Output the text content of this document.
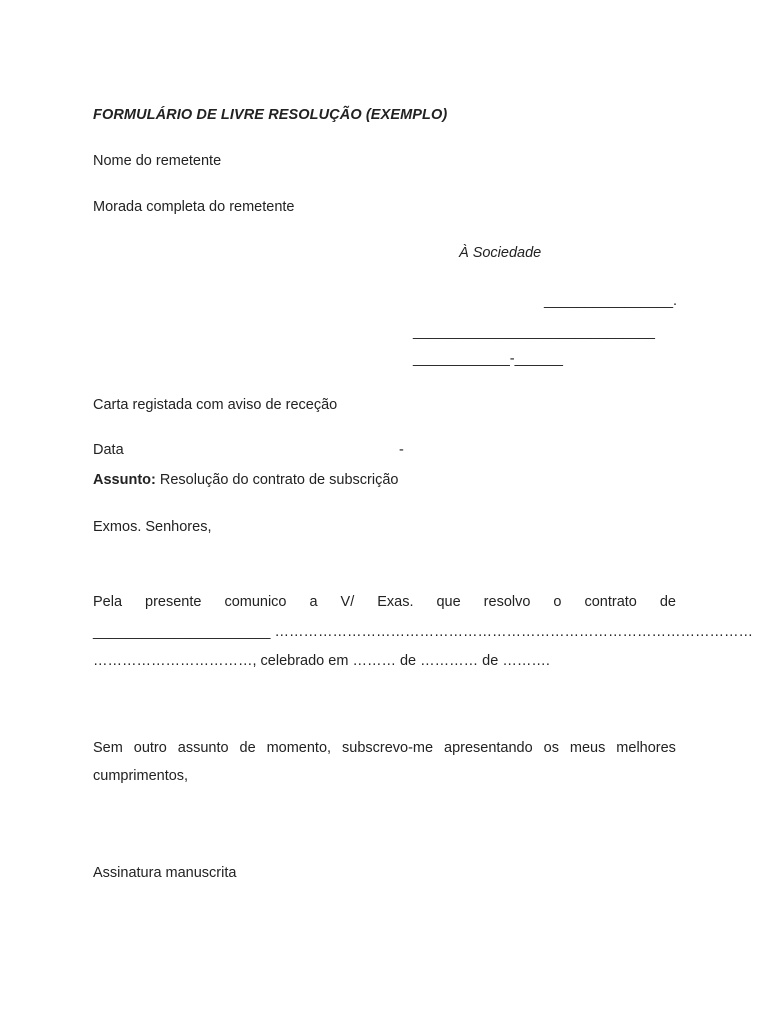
FORMULÁRIO DE LIVRE RESOLUÇÃO (EXEMPLO)
Nome do remetente
Morada completa do remetente
À Sociedade
________________.
______________________________
____________-______
Carta registada com aviso de receção
Data	-
Assunto: Resolução do contrato de subscrição
Exmos. Senhores,
Pela presente comunico a V/ Exas. que resolvo o contrato de
______________________ ………………………………………………………………………………………
……………………………, celebrado em ……… de ………… de ……….
Sem outro assunto de momento, subscrevo-me apresentando os meus melhores
cumprimentos,
Assinatura manuscrita
